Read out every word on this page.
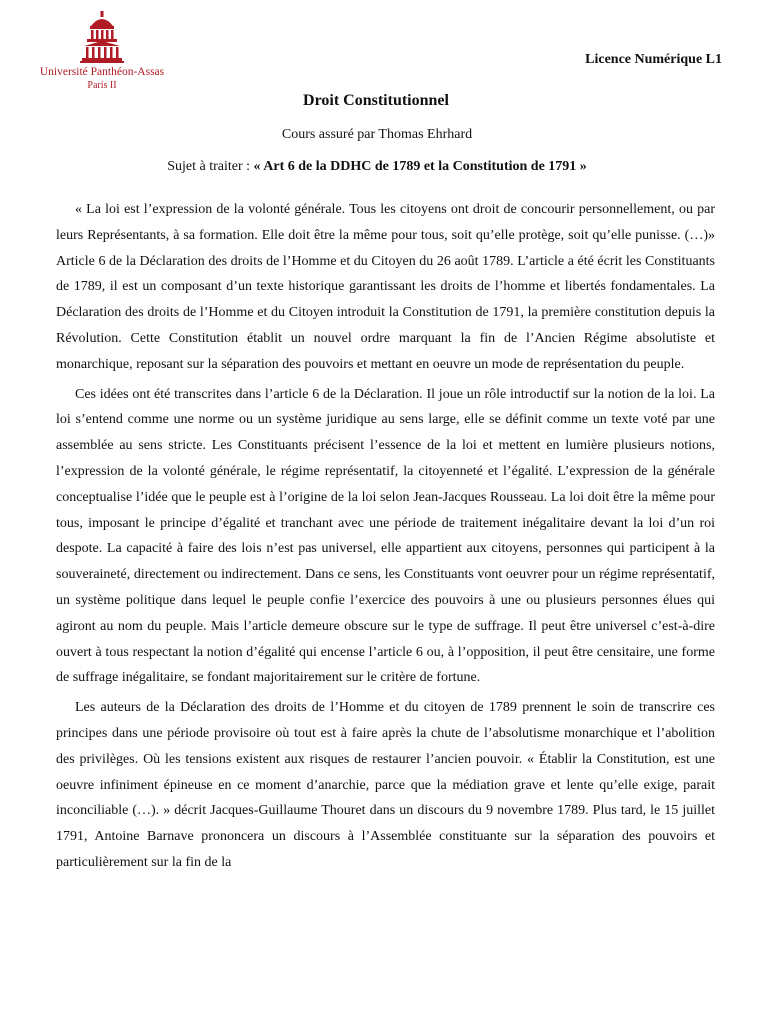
Université Panthéon-Assas
Paris II
Licence Numérique L1
Droit Constitutionnel
Cours assuré par Thomas Ehrhard
Sujet à traiter : « Art 6 de la DDHC de 1789 et la Constitution de 1791 »

« La loi est l’expression de la volonté générale. Tous les citoyens ont droit de concourir personnellement, ou par leurs Représentants, à sa formation. Elle doit être la même pour tous, soit qu’elle protège, soit qu’elle punisse. (…)» Article 6 de la Déclaration des droits de l’Homme et du Citoyen du 26 août 1789. L’article a été écrit les Constituants de 1789, il est un composant d’un texte historique garantissant les droits de l’homme et libertés fondamentales. La Déclaration des droits de l’Homme et du Citoyen introduit la Constitution de 1791, la première constitution depuis la Révolution. Cette Constitution établit un nouvel ordre marquant la fin de l’Ancien Régime absolutiste et monarchique, reposant sur la séparation des pouvoirs et mettant en oeuvre un mode de représentation du peuple.

Ces idées ont été transcrites dans l’article 6 de la Déclaration. Il joue un rôle introductif sur la notion de la loi. La loi s’entend comme une norme ou un système juridique au sens large, elle se définit comme un texte voté par une assemblée au sens stricte. Les Constituants précisent l’essence de la loi et mettent en lumière plusieurs notions, l’expression de la volonté générale, le régime représentatif, la citoyenneté et l’égalité. L’expression de la générale conceptualise l’idée que le peuple est à l’origine de la loi selon Jean-Jacques Rousseau. La loi doit être la même pour tous, imposant le principe d’égalité et tranchant avec une période de traitement inégalitaire devant la loi d’un roi despote. La capacité à faire des lois n’est pas universel, elle appartient aux citoyens, personnes qui participent à la souveraineté, directement ou indirectement. Dans ce sens, les Constituants vont oeuvrer pour un régime représentatif, un système politique dans lequel le peuple confie l’exercice des pouvoirs à une ou plusieurs personnes élues qui agiront au nom du peuple. Mais l’article demeure obscure sur le type de suffrage. Il peut être universel c’est-à-dire ouvert à tous respectant la notion d’égalité qui encense l’article 6 ou, à l’opposition, il peut être censitaire, une forme de suffrage inégalitaire, se fondant majoritairement sur le critère de fortune.

Les auteurs de la Déclaration des droits de l’Homme et du citoyen de 1789 prennent le soin de transcrire ces principes dans une période provisoire où tout est à faire après la chute de l’absolutisme monarchique et l’abolition des privilèges. Où les tensions existent aux risques de restaurer l’ancien pouvoir. « Établir la Constitution, est une oeuvre infiniment épineuse en ce moment d’anarchie, parce que la médiation grave et lente qu’elle exige, parait inconciliable (…). » décrit Jacques-Guillaume Thouret dans un discours du 9 novembre 1789. Plus tard, le 15 juillet 1791, Antoine Barnave prononcera un discours à l’Assemblée constituante sur la séparation des pouvoirs et particulièrement sur la fin de la
